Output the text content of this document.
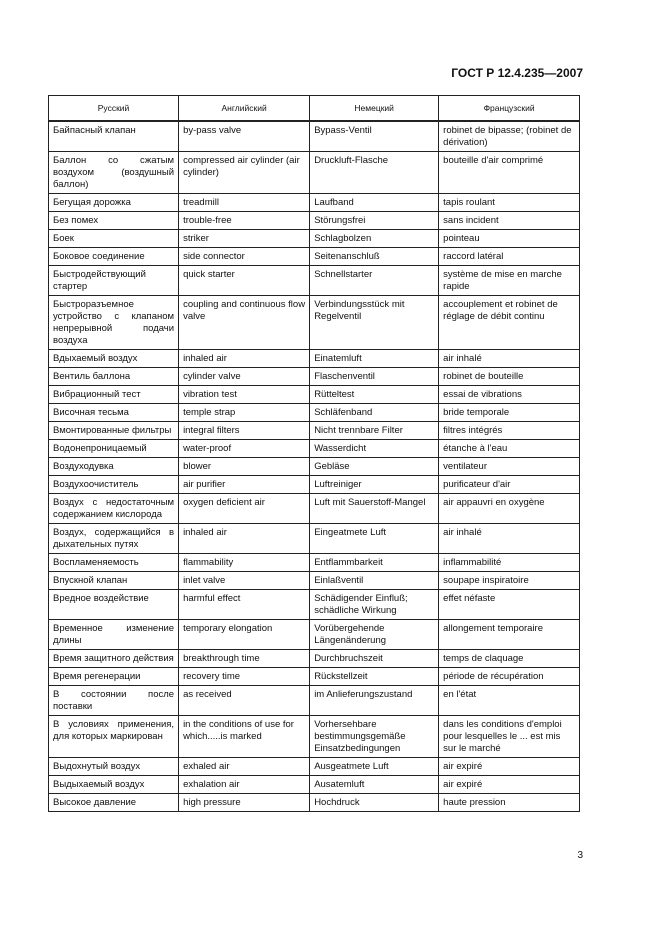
ГОСТ Р 12.4.235—2007
Русский	Английский	Немецкий	Французский
Байпасный клапан	by-pass valve	Bypass-Ventil	robinet de bipasse; (robinet de dérivation)
Баллон со сжатым воздухом (воздушный баллон)	compressed air cylinder (air cylinder)	Druckluft-Flasche	bouteille d'air comprimé
Бегущая дорожка	treadmill	Laufband	tapis roulant
Без помех	trouble-free	Störungsfrei	sans incident
Боек	striker	Schlagbolzen	pointeau
Боковое соединение	side connector	Seitenanschluß	raccord latéral
Быстродействующий стартер	quick starter	Schnellstarter	système de mise en marche rapide
Быстроразъемное устройство с клапаном непрерывной подачи воздуха	coupling and continuous flow valve	Verbindungsstück mit Regelventil	accouplement et robinet de réglage de débit continu
Вдыхаемый воздух	inhaled air	Einatemluft	air inhalé
Вентиль баллона	cylinder valve	Flaschenventil	robinet de bouteille
Вибрационный тест	vibration test	Rütteltest	essai de vibrations
Височная тесьма	temple strap	Schläfenband	bride temporale
Вмонтированные фильтры	integral filters	Nicht trennbare Filter	filtres intégrés
Водонепроницаемый	water-proof	Wasserdicht	étanche à l'eau
Воздуходувка	blower	Gebläse	ventilateur
Воздухоочиститель	air purifier	Luftreiniger	purificateur d'air
Воздух с недостаточным содержанием кислорода	oxygen deficient air	Luft mit Sauerstoff-Mangel	air appauvri en oxygène
Воздух, содержащийся в дыхательных путях	inhaled air	Eingeatmete Luft	air inhalé
Воспламеняемость	flammability	Entflammbarkeit	inflammabilité
Впускной клапан	inlet valve	Einlaßventil	soupape inspiratoire
Вредное воздействие	harmful effect	Schädigender Einfluß; schädliche Wirkung	effet néfaste
Временное изменение длины	temporary elongation	Vorübergehende Längenänderung	allongement temporaire
Время защитного действия	breakthrough time	Durchbruchszeit	temps de claquage
Время регенерации	recovery time	Rückstellzeit	période de récupération
В состоянии после поставки	as received	im Anlieferungszustand	en l'état
В условиях применения, для которых маркирован	in the conditions of use for which.....is marked	Vorhersehbare bestimmungsgemäße Einsatzbedingungen	dans les conditions d'emploi pour lesquelles le ... est mis sur le marché
Выдохнутый воздух	exhaled air	Ausgeatmete Luft	air expiré
Выдыхаемый воздух	exhalation air	Ausatemluft	air expiré
Высокое давление	high pressure	Hochdruck	haute pression
3
